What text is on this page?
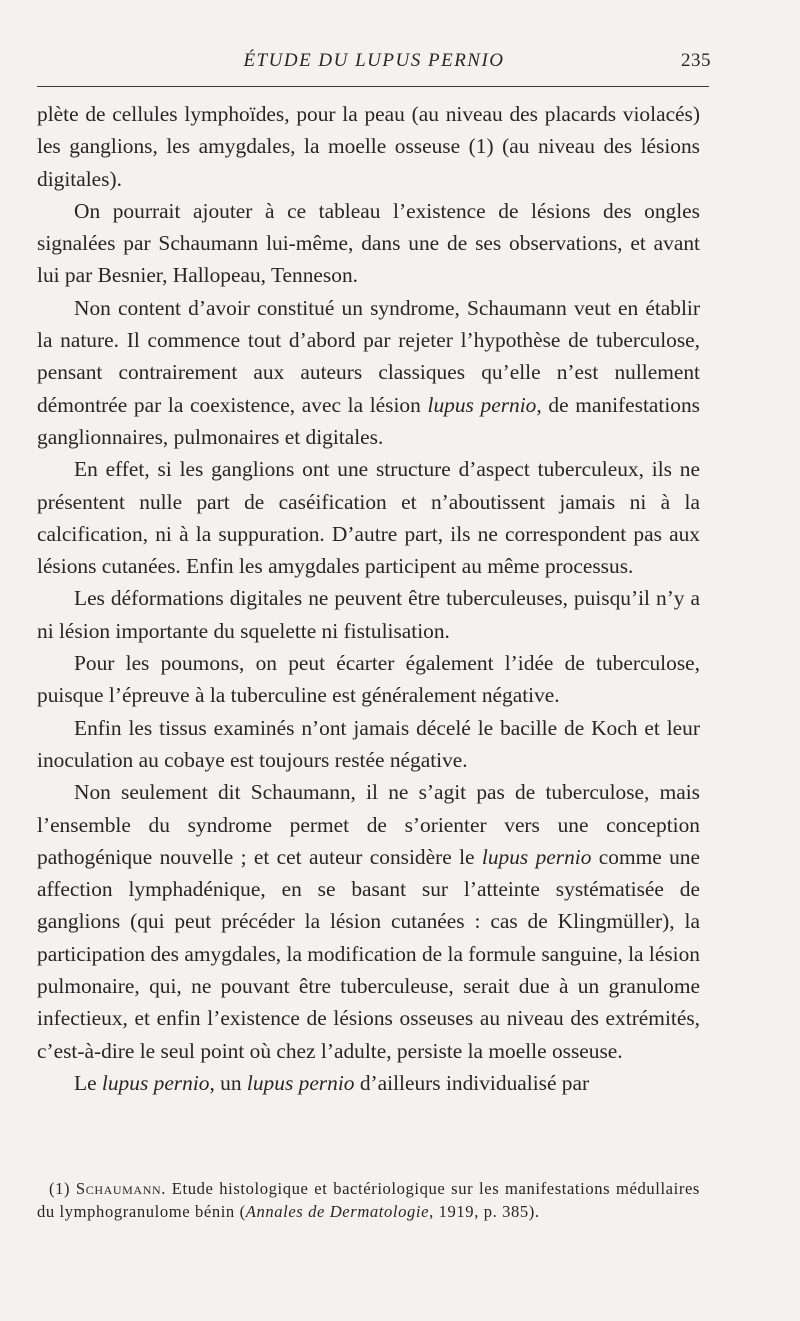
ÉTUDE DU LUPUS PERNIO	235

plète de cellules lymphoïdes, pour la peau (au niveau des placards violacés) les ganglions, les amygdales, la moelle osseuse (1) (au niveau des lésions digitales).

On pourrait ajouter à ce tableau l’existence de lésions des ongles signalées par Schaumann lui-même, dans une de ses observations, et avant lui par Besnier, Hallopeau, Tenneson.

Non content d’avoir constitué un syndrome, Schaumann veut en établir la nature. Il commence tout d’abord par rejeter l’hypothèse de tuberculose, pensant contrairement aux auteurs classiques qu’elle n’est nullement démontrée par la coexistence, avec la lésion lupus pernio, de manifestations ganglionnaires, pulmonaires et digitales.

En effet, si les ganglions ont une structure d’aspect tuberculeux, ils ne présentent nulle part de caséification et n’aboutissent jamais ni à la calcification, ni à la suppuration. D’autre part, ils ne correspondent pas aux lésions cutanées. Enfin les amygdales participent au même processus.

Les déformations digitales ne peuvent être tuberculeuses, puisqu’il n’y a ni lésion importante du squelette ni fistulisation.

Pour les poumons, on peut écarter également l’idée de tuberculose, puisque l’épreuve à la tuberculine est généralement négative.

Enfin les tissus examinés n’ont jamais décelé le bacille de Koch et leur inoculation au cobaye est toujours restée négative.

Non seulement dit Schaumann, il ne s’agit pas de tuberculose, mais l’ensemble du syndrome permet de s’orienter vers une conception pathogénique nouvelle ; et cet auteur considère le lupus pernio comme une affection lymphadénique, en se basant sur l’atteinte systématisée de ganglions (qui peut précéder la lésion cutanées : cas de Klingmüller), la participation des amygdales, la modification de la formule sanguine, la lésion pulmonaire, qui, ne pouvant être tuberculeuse, serait due à un granulome infectieux, et enfin l’existence de lésions osseuses au niveau des extrémités, c’est-à-dire le seul point où chez l’adulte, persiste la moelle osseuse.

Le lupus pernio, un lupus pernio d’ailleurs individualisé par

(1) Schaumann. Etude histologique et bactériologique sur les manifestations médullaires du lymphogranulome bénin (Annales de Dermatologie, 1919, p. 385).
